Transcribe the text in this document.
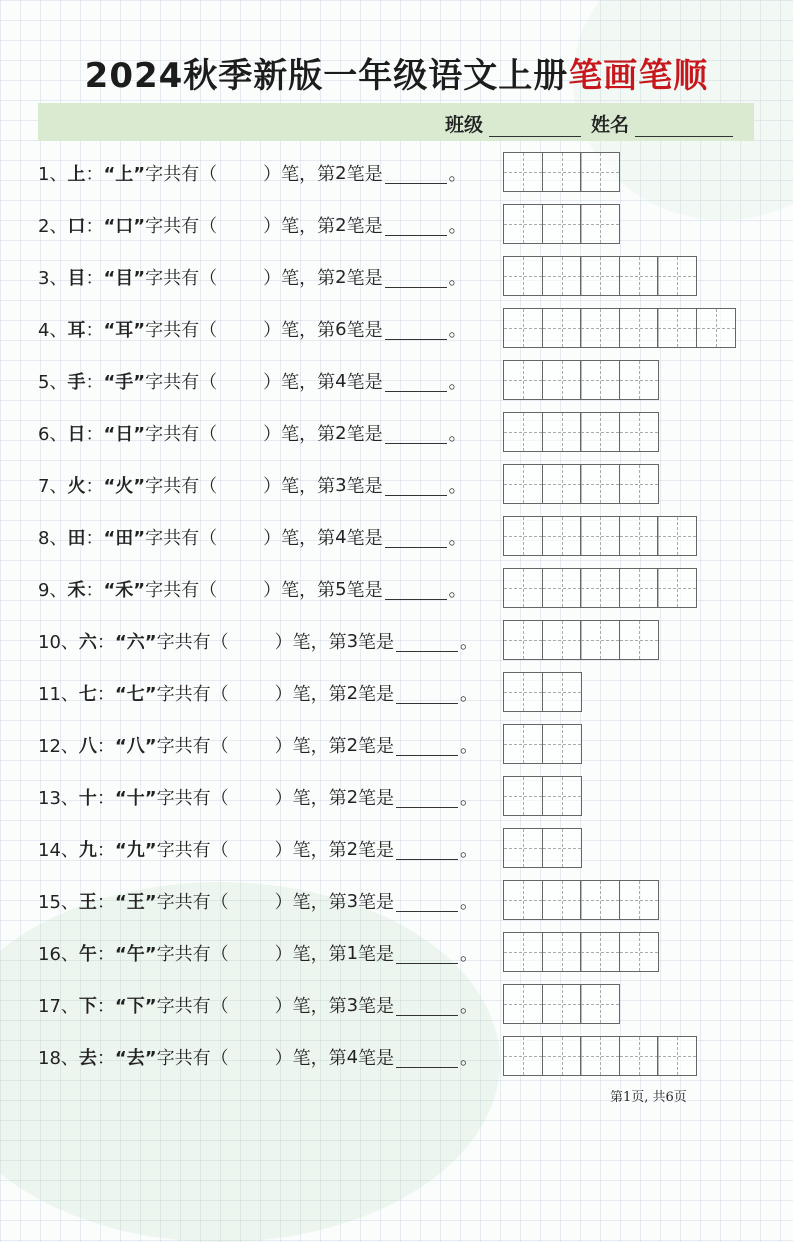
2024秋季新版一年级语文上册笔画笔顺
班级	姓名
1、 上 ： “上” 字共有（	）笔，第 2 笔是	。
2、 口 ： “口” 字共有（	）笔，第 2 笔是	。
3、 目 ： “目” 字共有（	）笔，第 2 笔是	。
4、 耳 ： “耳” 字共有（	）笔，第 6 笔是	。
5、 手 ： “手” 字共有（	）笔，第 4 笔是	。
6、 日 ： “日” 字共有（	）笔，第 2 笔是	。
7、 火 ： “火” 字共有（	）笔，第 3 笔是	。
8、 田 ： “田” 字共有（	）笔，第 4 笔是	。
9、 禾 ： “禾” 字共有（	）笔，第 5 笔是	。
10、 六 ： “六” 字共有（	）笔，第 3 笔是	。
11、 七 ： “七” 字共有（	）笔，第 2 笔是	。
12、 八 ： “八” 字共有（	）笔，第 2 笔是	。
13、 十 ： “十” 字共有（	）笔，第 2 笔是	。
14、 九 ： “九” 字共有（	）笔，第 2 笔是	。
15、 王 ： “王” 字共有（	）笔，第 3 笔是	。
16、 午 ： “午” 字共有（	）笔，第 1 笔是	。
17、 下 ： “下” 字共有（	）笔，第 3 笔是	。
18、 去 ： “去” 字共有（	）笔，第 4 笔是	。
第1页, 共6页
